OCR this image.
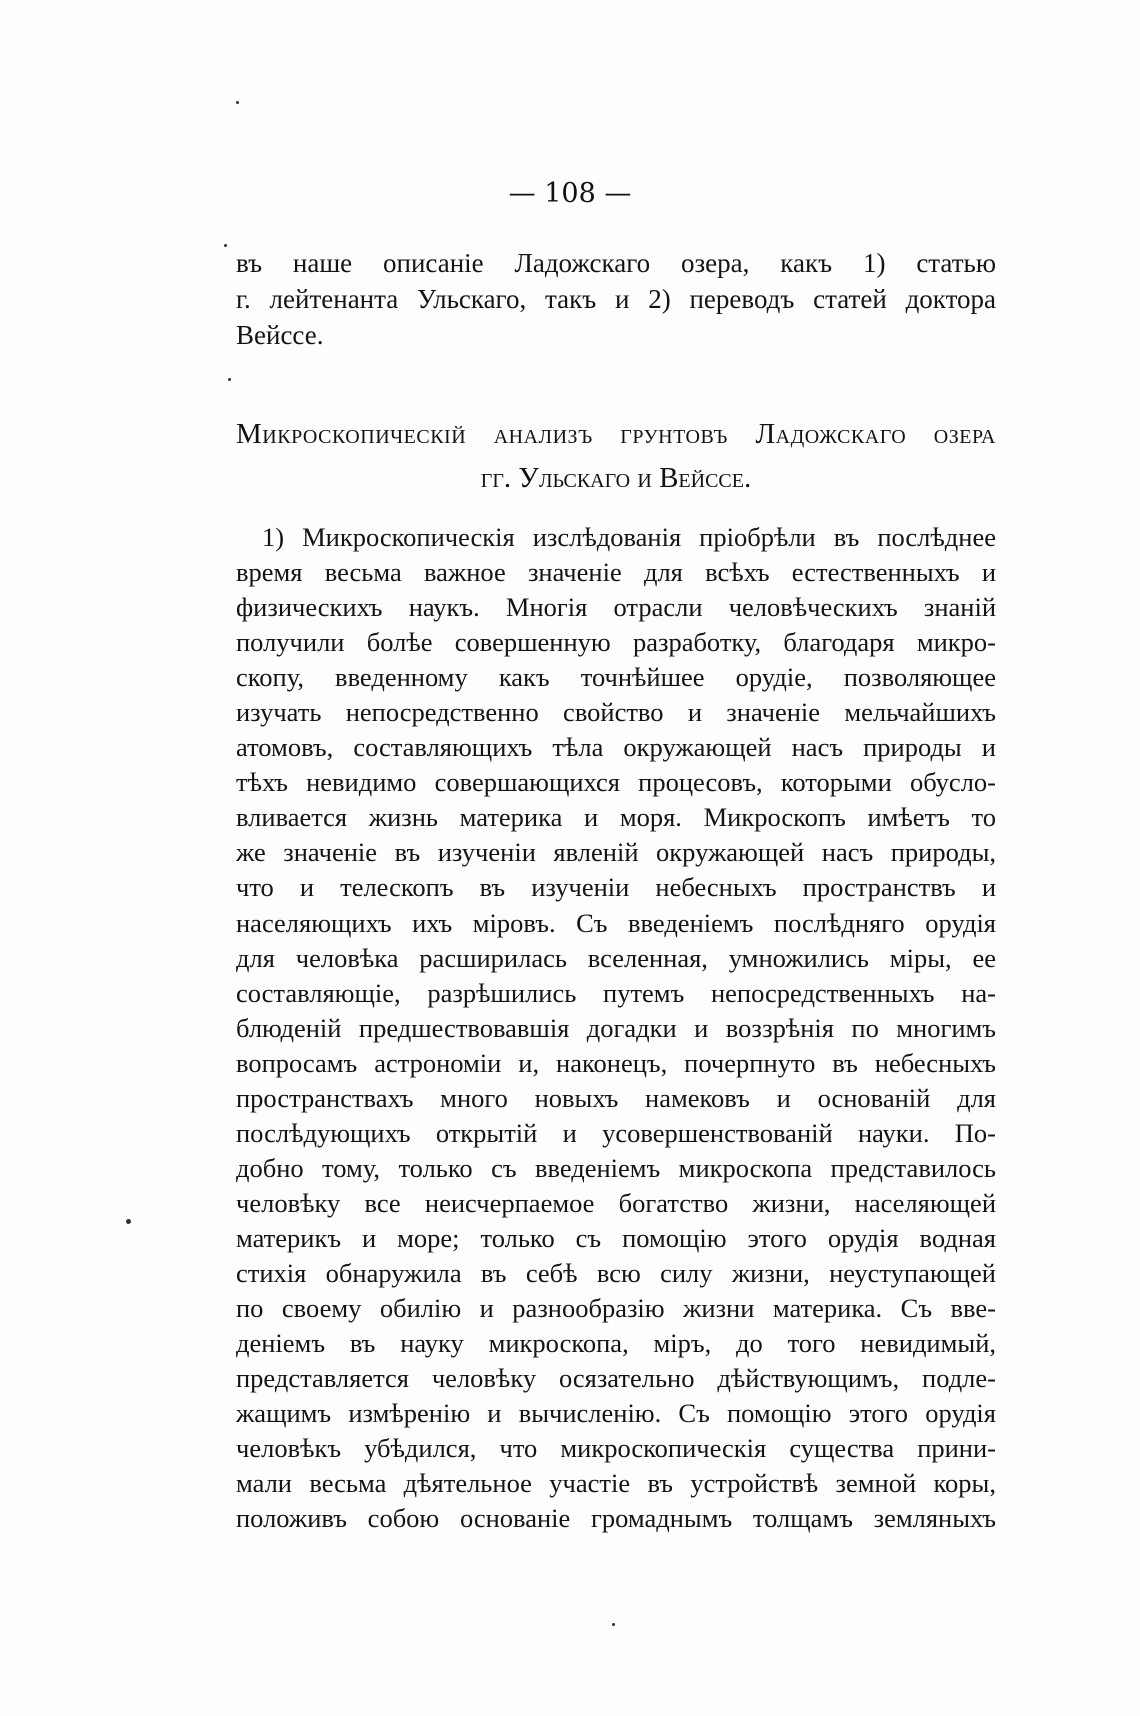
— 108 —
въ наше описаніе Ладожскаго озера, какъ 1) статью
г. лейтенанта Ульскаго, такъ и 2) переводъ статей доктора
Вейссе.
Микроскопическій анализъ грунтовъ Ладожскаго озера
гг. Ульскаго и Вейссе.
1) Микроскопическія изслѣдованія пріобрѣли въ послѣднее
время весьма важное значеніе для всѣхъ естественныхъ и
физическихъ наукъ. Многія отрасли человѣческихъ знаній
получили болѣе совершенную разработку, благодаря микро-
скопу, введенному какъ точнѣйшее орудіе, позволяющее
изучать непосредственно свойство и значеніе мельчайшихъ
атомовъ, составляющихъ тѣла окружающей насъ природы и
тѣхъ невидимо совершающихся процесовъ, которыми обусло-
вливается жизнь материка и моря. Микроскопъ имѣетъ то
же значеніе въ изученіи явленій окружающей насъ природы,
что и телескопъ въ изученіи небесныхъ пространствъ и
населяющихъ ихъ міровъ. Съ введеніемъ послѣдняго орудія
для человѣка расширилась вселенная, умножились міры, ее
составляющіе, разрѣшились путемъ непосредственныхъ на-
блюденій предшествовавшія догадки и воззрѣнія по многимъ
вопросамъ астрономіи и, наконецъ, почерпнуто въ небесныхъ
пространствахъ много новыхъ намековъ и основаній для
послѣдующихъ открытій и усовершенствованій науки. По-
добно тому, только съ введеніемъ микроскопа представилось
человѣку все неисчерпаемое богатство жизни, населяющей
материкъ и море; только съ помощію этого орудія водная
стихія обнаружила въ себѣ всю силу жизни, неуступающей
по своему обилію и разнообразію жизни материка. Съ вве-
деніемъ въ науку микроскопа, міръ, до того невидимый,
представляется человѣку осязательно дѣйствующимъ, подле-
жащимъ измѣренію и вычисленію. Съ помощію этого орудія
человѣкъ убѣдился, что микроскопическія существа прини-
мали весьма дѣятельное участіе въ устройствѣ земной коры,
положивъ собою основаніе громаднымъ толщамъ земляныхъ
